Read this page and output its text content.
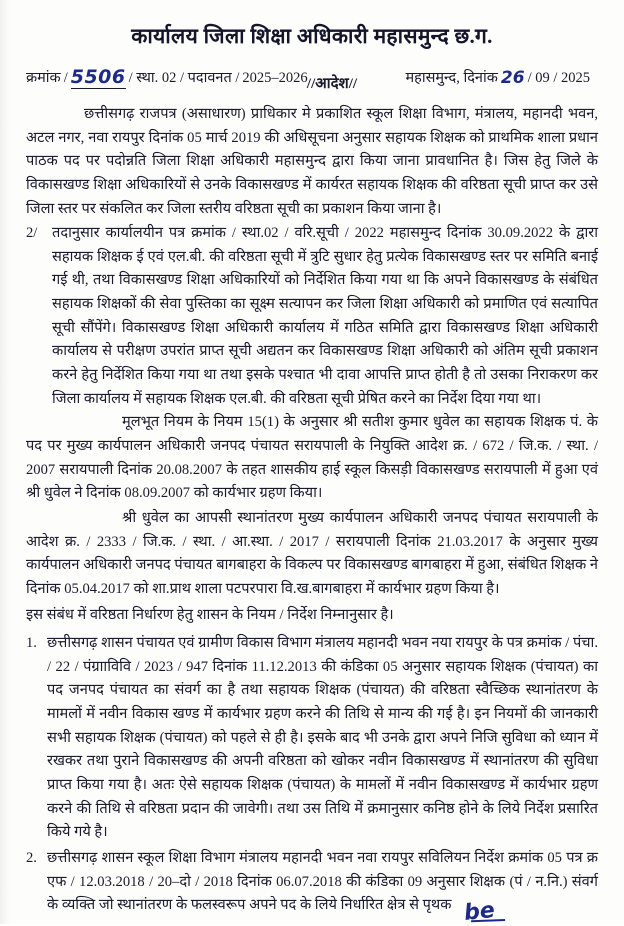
कार्यालय जिला शिक्षा अधिकारी महासमुन्द छ.ग.
क्रमांक / 5506 / स्था. 02 / पदावनत / 2025–2026	महासमुन्द, दिनांक 26 / 09 / 2025
//आदेश//

छत्तीसगढ़ राजपत्र (असाधारण) प्राधिकार मे प्रकाशित स्कूल शिक्षा विभाग, मंत्रालय, महानदी भवन, अटल नगर, नवा रायपुर दिनांक 05 मार्च 2019 की अधिसूचना अनुसार सहायक शिक्षक को प्राथमिक शाला प्रधान पाठक पद पर पदोन्नति जिला शिक्षा अधिकारी महासमुन्द द्वारा किया जाना प्रावधानित है। जिस हेतु जिले के विकासखण्ड शिक्षा अधिकारियों से उनके विकासखण्ड में कार्यरत सहायक शिक्षक की वरिष्ठता सूची प्राप्त कर उसे जिला स्तर पर संकलित कर जिला स्तरीय वरिष्ठता सूची का प्रकाशन किया जाना है।

2/	तदानुसार कार्यालयीन पत्र क्रमांक / स्था.02 / वरि.सूची / 2022 महासमुन्द दिनांक 30.09.2022 के द्वारा सहायक शिक्षक ई एवं एल.बी. की वरिष्ठता सूची में त्रुटि सुधार हेतु प्रत्येक विकासखण्ड स्तर पर समिति बनाई गई थी, तथा विकासखण्ड शिक्षा अधिकारियों को निर्देशित किया गया था कि अपने विकासखण्ड के संबंधित सहायक शिक्षकों की सेवा पुस्तिका का सूक्ष्म सत्यापन कर जिला शिक्षा अधिकारी को प्रमाणित एवं सत्यापित सूची सौंपेंगे। विकासखण्ड शिक्षा अधिकारी कार्यालय में गठित समिति द्वारा विकासखण्ड शिक्षा अधिकारी कार्यालय से परीक्षण उपरांत प्राप्त सूची अद्यतन कर विकासखण्ड शिक्षा अधिकारी को अंतिम सूची प्रकाशन करने हेतु निर्देशित किया गया था तथा इसके पश्चात भी दावा आपत्ति प्राप्त होती है तो उसका निराकरण कर जिला कार्यालय में सहायक शिक्षक एल.बी. की वरिष्ठता सूची प्रेषित करने का निर्देश दिया गया था।

मूलभूत नियम के नियम 15(1) के अनुसार श्री सतीश कुमार धुवेल का सहायक शिक्षक पं. के पद पर मुख्य कार्यपालन अधिकारी जनपद पंचायत सरायपाली के नियुक्ति आदेश क्र. / 672 / जि.क. / स्था. / 2007 सरायपाली दिनांक 20.08.2007 के तहत शासकीय हाई स्कूल किसड़ी विकासखण्ड सरायपाली में हुआ एवं श्री धुवेल ने दिनांक 08.09.2007 को कार्यभार ग्रहण किया।

श्री धुवेल का आपसी स्थानांतरण मुख्य कार्यपालन अधिकारी जनपद पंचायत सरायपाली के आदेश क्र. / 2333 / जि.क. / स्था. / आ.स्था. / 2017 / सरायपाली दिनांक 21.03.2017 के अनुसार मुख्य कार्यपालन अधिकारी जनपद पंचायत बागबाहरा के विकल्प पर विकासखण्ड बागबाहरा में हुआ, संबंधित शिक्षक ने दिनांक 05.04.2017 को शा.प्राथ शाला पटपरपारा वि.ख.बागबाहरा में कार्यभार ग्रहण किया है।

इस संबंध में वरिष्ठता निर्धारण हेतु शासन के नियम / निर्देश निम्नानुसार है।
1. छत्तीसगढ़ शासन पंचायत एवं ग्रामीण विकास विभाग मंत्रालय महानदी भवन नया रायपुर के पत्र क्रमांक / पंचा. / 22 / पंग्रााविवि / 2023 / 947 दिनांक 11.12.2013 की कंडिका 05 अनुसार सहायक शिक्षक (पंचायत) का पद जनपद पंचायत का संवर्ग का है तथा सहायक शिक्षक (पंचायत) की वरिष्ठता स्वैच्छिक स्थानांतरण के मामलों में नवीन विकास खण्ड में कार्यभार ग्रहण करने की तिथि से मान्य की गई है। इन नियमों की जानकारी सभी सहायक शिक्षक (पंचायत) को पहले से ही है। इसके बाद भी उनके द्वारा अपने निजि सुविधा को ध्यान में रखकर तथा पुराने विकासखण्ड की अपनी वरिष्ठता को खोकर नवीन विकासखण्ड में स्थानांतरण की सुविधा प्राप्त किया गया है। अतः ऐसे सहायक शिक्षक (पंचायत) के मामलों में नवीन विकासखण्ड में कार्यभार ग्रहण करने की तिथि से वरिष्ठता प्रदान की जावेगी। तथा उस तिथि में क्रमानुसार कनिष्ठ होने के लिये निर्देश प्रसारित किये गये है।
2. छत्तीसगढ़ शासन स्कूल शिक्षा विभाग मंत्रालय महानदी भवन नवा रायपुर सविलियन निर्देश क्रमांक 05 पत्र क्र एफ / 12.03.2018 / 20–दो / 2018 दिनांक 06.07.2018 की कंडिका 09 अनुसार शिक्षक (पं / न.नि.) संवर्ग के व्यक्ति जो स्थानांतरण के फलस्वरूप अपने पद के लिये निर्धारित क्षेत्र से पृथक be
